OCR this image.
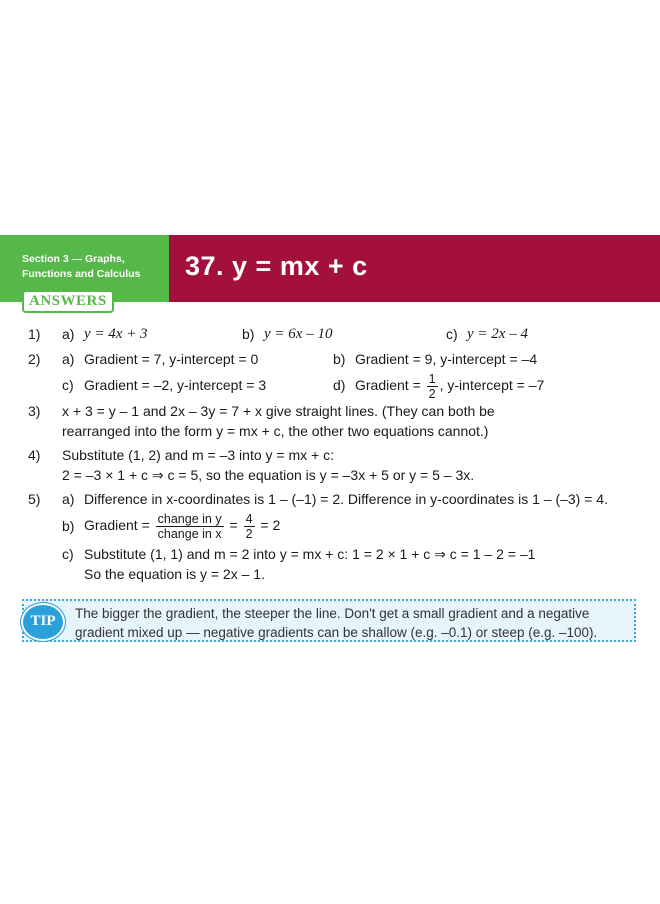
Section 3 — Graphs,
Functions and Calculus	37. y = mx + c
ANSWERS
1) a) y = 4x + 3	b) y = 6x – 10	c) y = 2x – 4
2) a) Gradient = 7, y-intercept = 0	b) Gradient = 9, y-intercept = –4
c) Gradient = –2, y-intercept = 3	d) Gradient = $\frac{1}{2}$ , y-intercept = –7
3) x + 3 = y – 1 and 2x – 3y = 7 + x give straight lines. (They can both be
rearranged into the form y = mx + c, the other two equations cannot.)
4) Substitute (1, 2) and m = –3 into y = mx + c:
2 = –3 × 1 + c ⇒ c = 5, so the equation is y = –3x + 5 or y = 5 – 3x.
5) a) Difference in x-coordinates is 1 – (–1) = 2. Difference in y-coordinates is 1 – (–3) = 4.
b) Gradient = $\frac{\text{change in y}}{\text{change in x}} = \frac{4}{2} = 2$
c) Substitute (1, 1) and m = 2 into y = mx + c: 1 = 2 × 1 + c ⇒ c = 1 – 2 = –1
So the equation is y = 2x – 1.
TIP	The bigger the gradient, the steeper the line. Don't get a small gradient and a negative gradient mixed up — negative gradients can be shallow (e.g. –0.1) or steep (e.g. –100).
